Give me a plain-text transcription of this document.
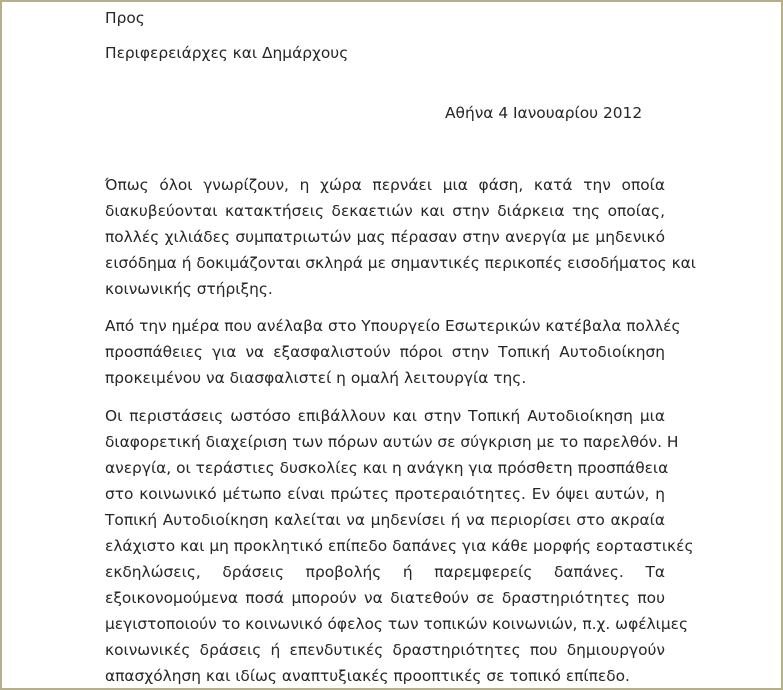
Προς

Περιφερειάρχες και Δημάρχους

Αθήνα 4 Ιανουαρίου 2012

Όπως όλοι γνωρίζουν, η χώρα περνάει μια φάση, κατά την οποία

διακυβεύονται κατακτήσεις δεκαετιών και στην διάρκεια της οποίας,

πολλές χιλιάδες συμπατριωτών μας πέρασαν στην ανεργία με μηδενικό

εισόδημα ή δοκιμάζονται σκληρά με σημαντικές περικοπές εισοδήματος και

κοινωνικής στήριξης.

Από την ημέρα που ανέλαβα στο Υπουργείο Εσωτερικών κατέβαλα πολλές

προσπάθειες για να εξασφαλιστούν πόροι στην Τοπική Αυτοδιοίκηση

προκειμένου να διασφαλιστεί η ομαλή λειτουργία της.

Οι περιστάσεις ωστόσο επιβάλλουν και στην Τοπική Αυτοδιοίκηση μια

διαφορετική διαχείριση των πόρων αυτών σε σύγκριση με το παρελθόν. Η

ανεργία, οι τεράστιες δυσκολίες και η ανάγκη για πρόσθετη προσπάθεια

στο κοινωνικό μέτωπο είναι πρώτες προτεραιότητες. Εν όψει αυτών, η

Τοπική Αυτοδιοίκηση καλείται να μηδενίσει ή να περιορίσει στο ακραία

ελάχιστο και μη προκλητικό επίπεδο δαπάνες για κάθε μορφής εορταστικές

εκδηλώσεις, δράσεις προβολής ή παρεμφερείς δαπάνες. Τα

εξοικονομούμενα ποσά μπορούν να διατεθούν σε δραστηριότητες που

μεγιστοποιούν το κοινωνικό όφελος των τοπικών κοινωνιών, π.χ. ωφέλιμες

κοινωνικές δράσεις ή επενδυτικές δραστηριότητες που δημιουργούν

απασχόληση και ιδίως αναπτυξιακές προοπτικές σε τοπικό επίπεδο.
